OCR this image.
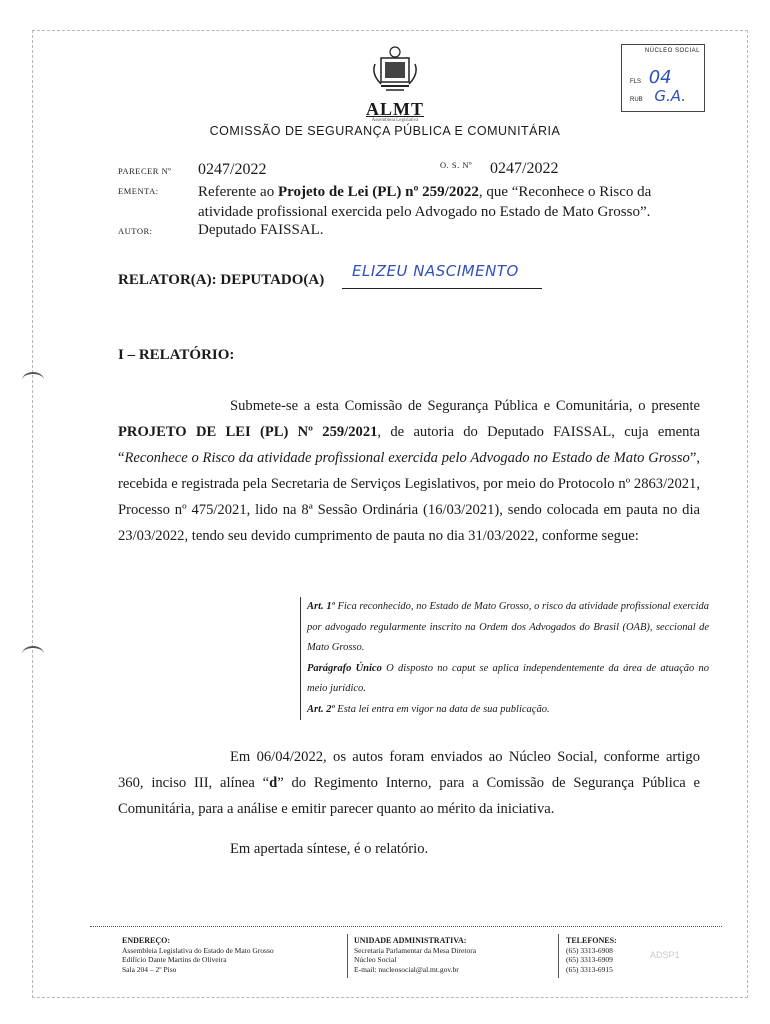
ALMT
Assembleia Legislativa
NÚCLEO SOCIAL
FLS 04
RUB G.A.
COMISSÃO DE SEGURANÇA PÚBLICA E COMUNITÁRIA
PARECER Nº 0247/2022	O. S. Nº 0247/2022
EMENTA:	Referente ao Projeto de Lei (PL) nº 259/2022, que “Reconhece o Risco da atividade profissional exercida pelo Advogado no Estado de Mato Grosso”.
AUTOR:	Deputado FAISSAL.
RELATOR(A): DEPUTADO(A) ELIZEU NASCIMENTO
I – RELATÓRIO:
Submete-se a esta Comissão de Segurança Pública e Comunitária, o presente PROJETO DE LEI (PL) Nº 259/2021, de autoria do Deputado FAISSAL, cuja ementa “Reconhece o Risco da atividade profissional exercida pelo Advogado no Estado de Mato Grosso”, recebida e registrada pela Secretaria de Serviços Legislativos, por meio do Protocolo nº 2863/2021, Processo nº 475/2021, lido na 8ª Sessão Ordinária (16/03/2021), sendo colocada em pauta no dia 23/03/2022, tendo seu devido cumprimento de pauta no dia 31/03/2022, conforme segue:
Art. 1º Fica reconhecido, no Estado de Mato Grosso, o risco da atividade profissional exercida por advogado regularmente inscrito na Ordem dos Advogados do Brasil (OAB), seccional de Mato Grosso.
Parágrafo Único O disposto no caput se aplica independentemente da área de atuação no meio jurídico.
Art. 2º Esta lei entra em vigor na data de sua publicação.
Em 06/04/2022, os autos foram enviados ao Núcleo Social, conforme artigo 360, inciso III, alínea “d” do Regimento Interno, para a Comissão de Segurança Pública e Comunitária, para a análise e emitir parecer quanto ao mérito da iniciativa.
Em apertada síntese, é o relatório.
ENDEREÇO:
Assembleia Legislativa do Estado de Mato Grosso
Edifício Dante Martins de Oliveira
Sala 204 – 2º Piso
UNIDADE ADMINISTRATIVA:
Secretaria Parlamentar da Mesa Diretora
Núcleo Social
E-mail: nucleosocial@al.mt.gov.br
TELEFONES:
(65) 3313-6908
(65) 3313-6909
(65) 3313-6915
ADSP1
